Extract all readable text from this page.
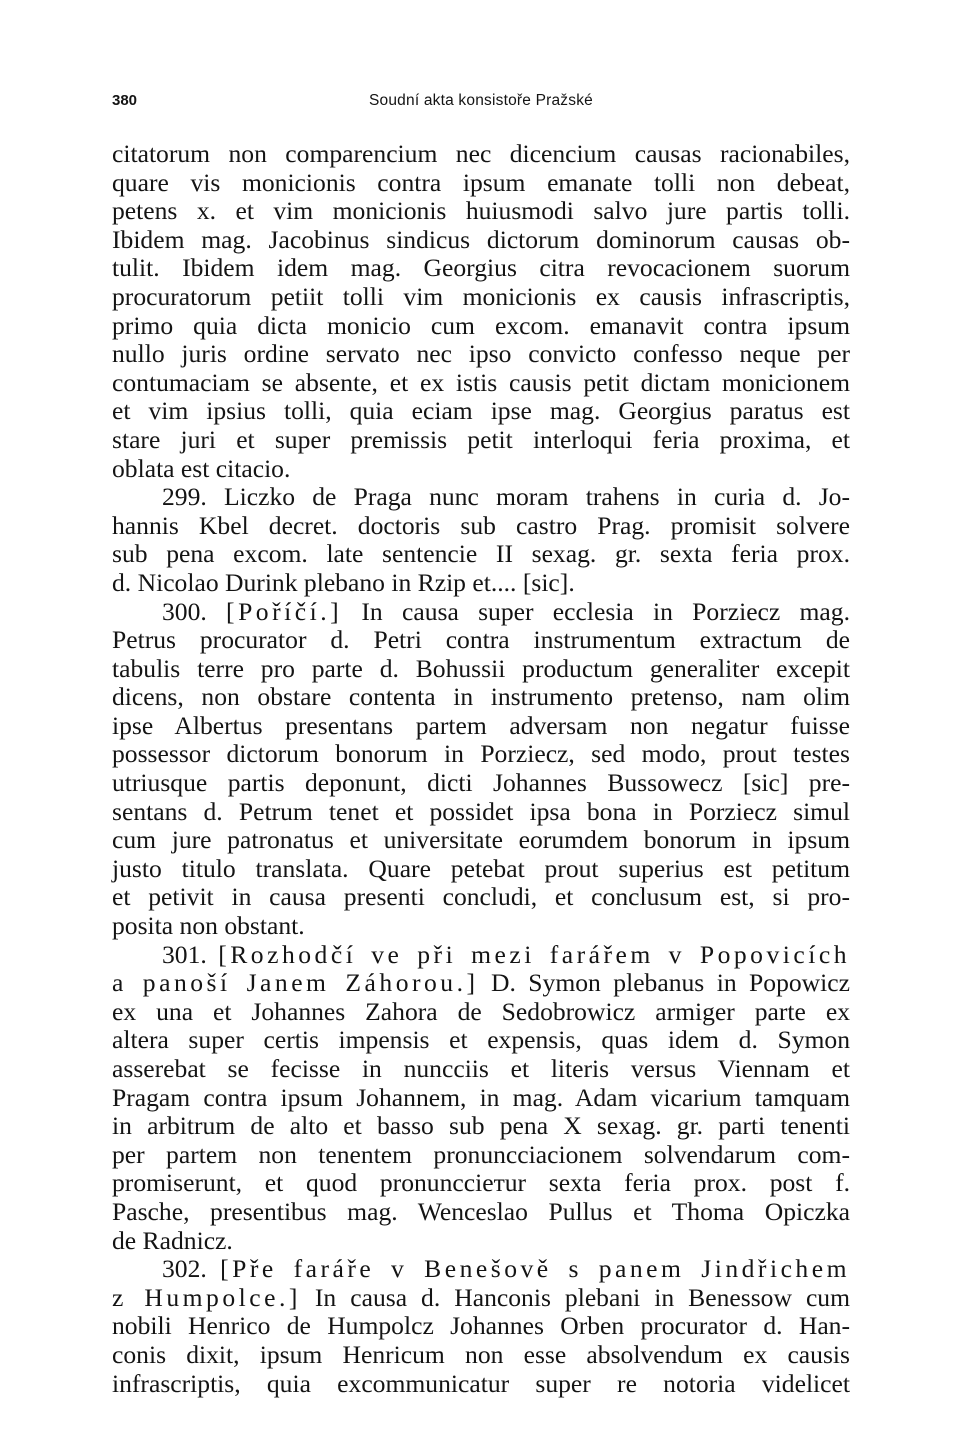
380	Soudní akta konsistoře Pražské
citatorum non comparencium nec dicencium causas racionabiles,
quare vis monicionis contra ipsum emanate tolli non debeat,
petens x. et vim monicionis huiusmodi salvo jure partis tolli.
Ibidem mag. Jacobinus sindicus dictorum dominorum causas ob-
tulit. Ibidem idem mag. Georgius citra revocacionem suorum
procuratorum petiit tolli vim monicionis ex causis infrascriptis,
primo quia dicta monicio cum excom. emanavit contra ipsum
nullo juris ordine servato nec ipso convicto confesso neque per
contumaciam se absente, et ex istis causis petit dictam monicionem
et vim ipsius tolli, quia eciam ipse mag. Georgius paratus est
stare juri et super premissis petit interloqui feria proxima, et
oblata est citacio.
299. Liczko de Praga nunc moram trahens in curia d. Jo-
hannis Kbel decret. doctoris sub castro Prag. promisit solvere
sub pena excom. late sentencie II sexag. gr. sexta feria prox.
d. Nicolao Durink plebano in Rzip et.... [sic].
300. [Poříčí.] In causa super ecclesia in Porziecz mag.
Petrus procurator d. Petri contra instrumentum extractum de
tabulis terre pro parte d. Bohussii productum generaliter excepit
dicens, non obstare contenta in instrumento pretenso, nam olim
ipse Albertus presentans partem adversam non negatur fuisse
possessor dictorum bonorum in Porziecz, sed modo, prout testes
utriusque partis deponunt, dicti Johannes Bussowecz [sic] pre-
sentans d. Petrum tenet et possidet ipsa bona in Porziecz simul
cum jure patronatus et universitate eorumdem bonorum in ipsum
justo titulo translata. Quare petebat prout superius est petitum
et petivit in causa presenti concludi, et conclusum est, si pro-
posita non obstant.
301. [Rozhodčí ve při mezi farářem v Popovicích
a panoší Janem Záhorou.] D. Symon plebanus in Popowicz
ex una et Johannes Zahora de Sedobrowicz armiger parte ex
altera super certis impensis et expensis, quas idem d. Symon
asserebat se fecisse in nuncciis et literis versus Viennam et
Pragam contra ipsum Johannem, in mag. Adam vicarium tamquam
in arbitrum de alto et basso sub pena X sexag. gr. parti tenenti
per partem non tenentem pronuncciacionem solvendarum com-
promiserunt, et quod pronuncciетur sexta feria prox. post f.
Pasche, presentibus mag. Wenceslao Pullus et Thoma Opiczka
de Radnicz.
302. [Pře faráře v Benešově s panem Jindřichem
z Humpolce.] In causa d. Hanconis plebani in Benessow cum
nobili Henrico de Humpolcz Johannes Orben procurator d. Han-
conis dixit, ipsum Henricum non esse absolvendum ex causis
infrascriptis, quia excommunicatur super re notoria videlicet
